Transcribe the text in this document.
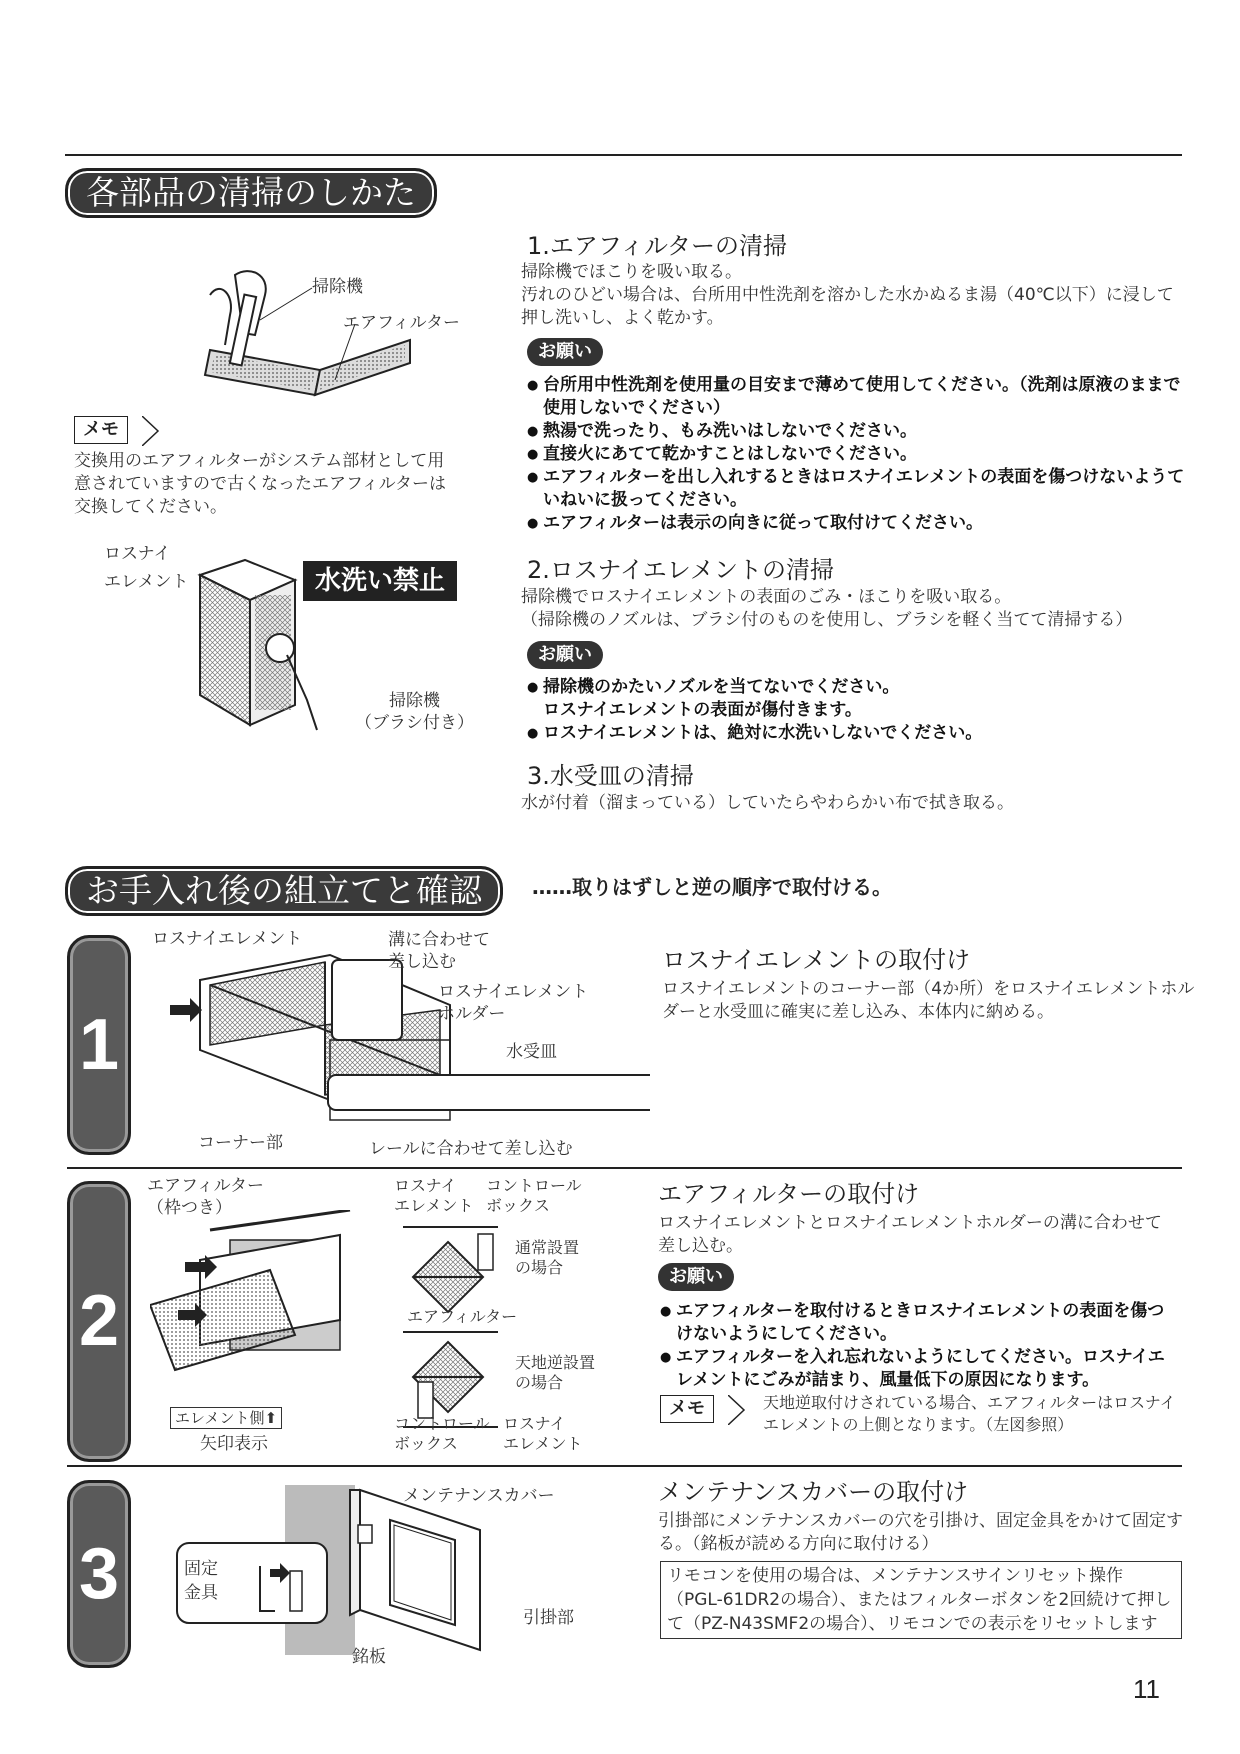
各部品の清掃のしかた
掃除機
エアフィルター
メモ
交換用のエアフィルターがシステム部材として用意されていますので古くなったエアフィルターは交換してください。
ロスナイ
エレメント	水洗い禁止
掃除機
（ブラシ付き）
1.エアフィルターの清掃
掃除機でほこりを吸い取る。
汚れのひどい場合は、台所用中性洗剤を溶かした水かぬるま湯（40℃以下）に浸して押し洗いし、よく乾かす。
お願い
● 台所用中性洗剤を使用量の目安まで薄めて使用してください。（洗剤は原液のままで使用しないでください）
● 熱湯で洗ったり、もみ洗いはしないでください。
● 直接火にあてて乾かすことはしないでください。
● エアフィルターを出し入れするときはロスナイエレメントの表面を傷つけないようていねいに扱ってください。
● エアフィルターは表示の向きに従って取付けてください。
2.ロスナイエレメントの清掃
掃除機でロスナイエレメントの表面のごみ・ほこりを吸い取る。
（掃除機のノズルは、ブラシ付のものを使用し、ブラシを軽く当てて清掃する）
お願い
● 掃除機のかたいノズルを当てないでください。
ロスナイエレメントの表面が傷付きます。
● ロスナイエレメントは、絶対に水洗いしないでください。
3.水受皿の清掃
水が付着（溜まっている）していたらやわらかい布で拭き取る。
お手入れ後の組立てと確認	……取りはずしと逆の順序で取付ける。
1
ロスナイエレメント	溝に合わせて
差し込む
ロスナイエレメント
ホルダー
水受皿
コーナー部	レールに合わせて差し込む
ロスナイエレメントの取付け
ロスナイエレメントのコーナー部（4か所）をロスナイエレメントホルダーと水受皿に確実に差し込み、本体内に納める。
2
エアフィルター
（枠つき）
エレメント側⬆
矢印表示
ロスナイ
エレメント
コントロール
ボックス
通常設置
の場合
エアフィルター
天地逆設置
の場合
コントロール
ボックス
ロスナイ
エレメント
エアフィルターの取付け
ロスナイエレメントとロスナイエレメントホルダーの溝に合わせて差し込む。
お願い
● エアフィルターを取付けるときロスナイエレメントの表面を傷つけないようにしてください。
● エアフィルターを入れ忘れないようにしてください。ロスナイエレメントにごみが詰まり、風量低下の原因になります。
メモ	天地逆取付けされている場合、エアフィルターはロスナイエレメントの上側となります。（左図参照）
3	固定
金具
メンテナンスカバー
引掛部
銘板
メンテナンスカバーの取付け
引掛部にメンテナンスカバーの穴を引掛け、固定金具をかけて固定する。（銘板が読める方向に取付ける）
リモコンを使用の場合は、メンテナンスサインリセット操作（PGL-61DR2の場合）、またはフィルターボタンを2回続けて押して（PZ-N43SMF2の場合）、リモコンでの表示をリセットします
11
